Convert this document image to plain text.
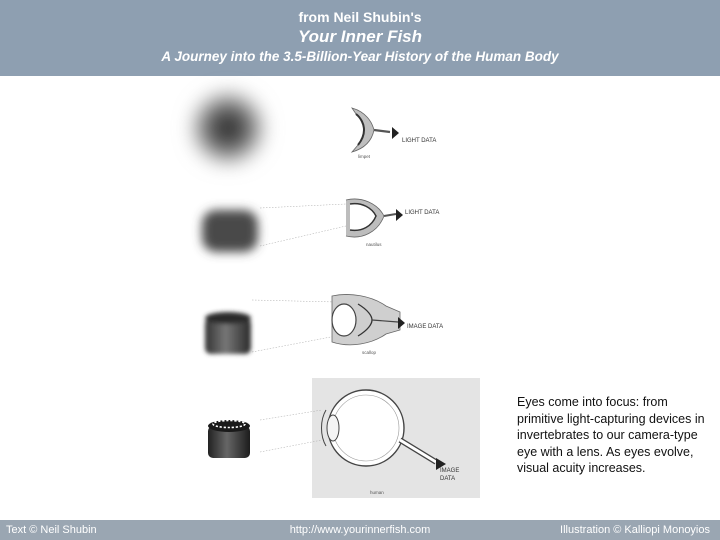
from Neil Shubin's
Your Inner Fish
A Journey into the 3.5-Billion-Year History of the Human Body
LIGHT DATA
limpet
LIGHT DATA
nautilus
IMAGE DATA
scallop
IMAGE
DATA
human
Eyes come into focus: from primitive light-capturing devices in invertebrates to our camera-type eye with a lens. As eyes evolve, visual acuity increases.
Text © Neil Shubin	http://www.yourinnerfish.com	Illustration © Kalliopi Monoyios
